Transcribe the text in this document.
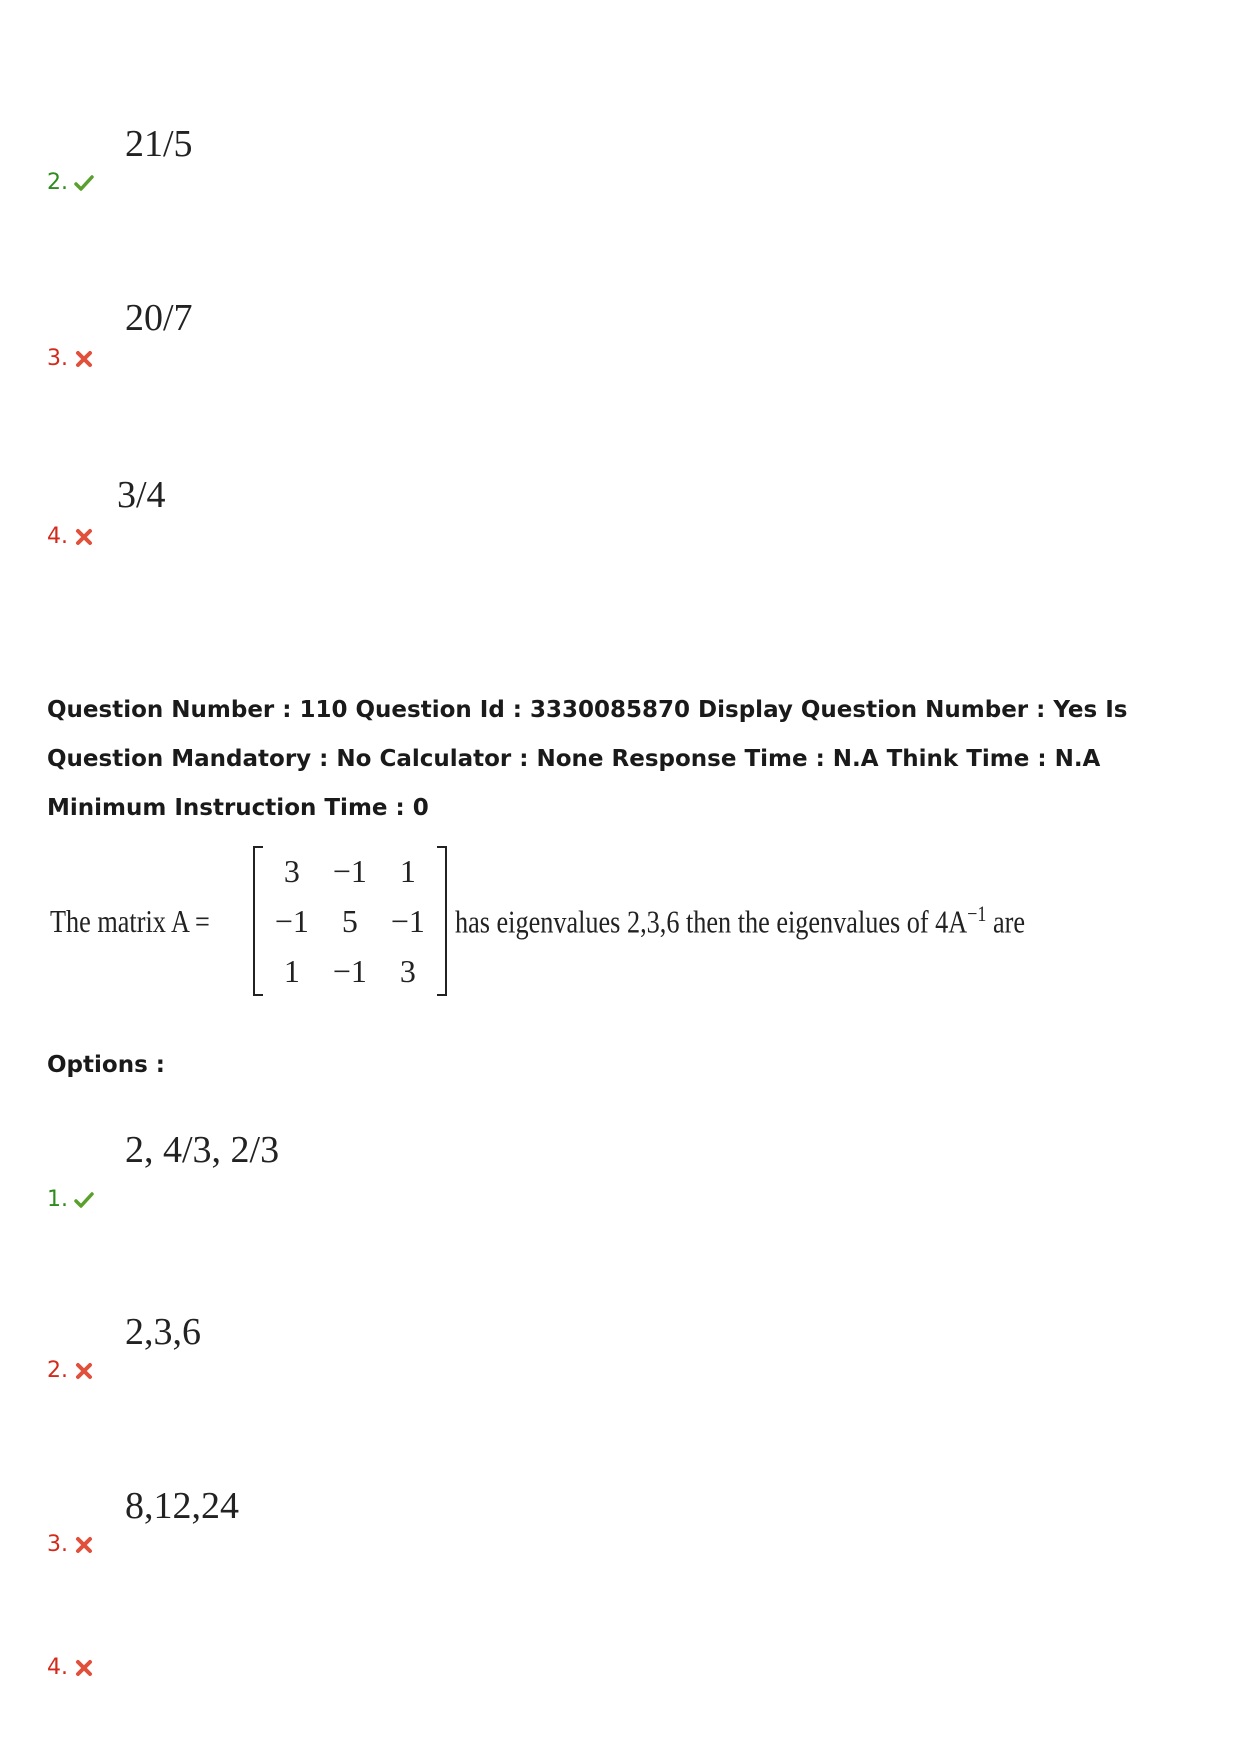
21/5
2.
20/7
3.
3/4
4.
Question Number : 110 Question Id : 3330085870 Display Question Number : Yes Is Question Mandatory : No Calculator : None Response Time : N.A Think Time : N.A Minimum Instruction Time : 0
The matrix A =
3	−1	1
−1	5	−1
1	−1	3
has eigenvalues 2,3,6 then the eigenvalues of $4A^{-1}$ are
Options :
2, 4/3, 2/3
1.
2,3,6
2.
8,12,24
3.
4.
